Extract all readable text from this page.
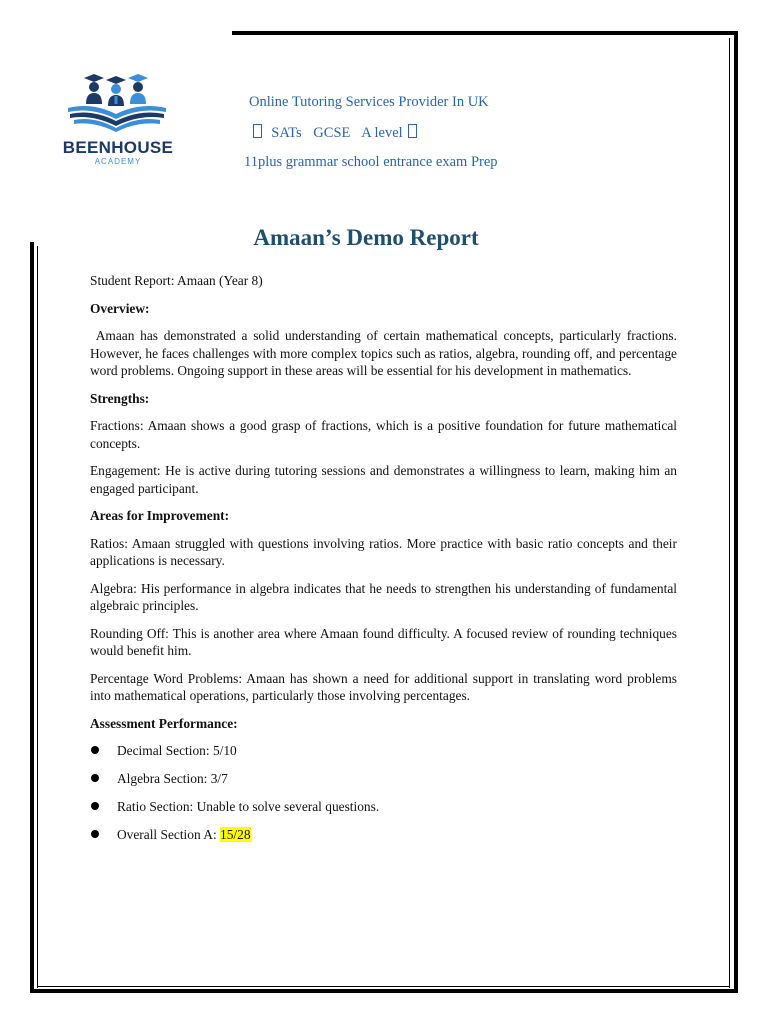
BEENHOUSE
ACADEMY
Online Tutoring Services Provider In UK
SATs GCSE A level
11plus grammar school entrance exam Prep
Amaan’s Demo Report

Student Report: Amaan (Year 8)

Overview:

Amaan has demonstrated a solid understanding of certain mathematical concepts, particularly fractions. However, he faces challenges with more complex topics such as ratios, algebra, rounding off, and percentage word problems. Ongoing support in these areas will be essential for his development in mathematics.

Strengths:

Fractions: Amaan shows a good grasp of fractions, which is a positive foundation for future mathematical concepts.

Engagement: He is active during tutoring sessions and demonstrates a willingness to learn, making him an engaged participant.

Areas for Improvement:

Ratios: Amaan struggled with questions involving ratios. More practice with basic ratio concepts and their applications is necessary.

Algebra: His performance in algebra indicates that he needs to strengthen his understanding of fundamental algebraic principles.

Rounding Off: This is another area where Amaan found difficulty. A focused review of rounding techniques would benefit him.

Percentage Word Problems: Amaan has shown a need for additional support in translating word problems into mathematical operations, particularly those involving percentages.

Assessment Performance:

Decimal Section: 5/10
Algebra Section: 3/7
Ratio Section: Unable to solve several questions.
Overall Section A: 15/28
